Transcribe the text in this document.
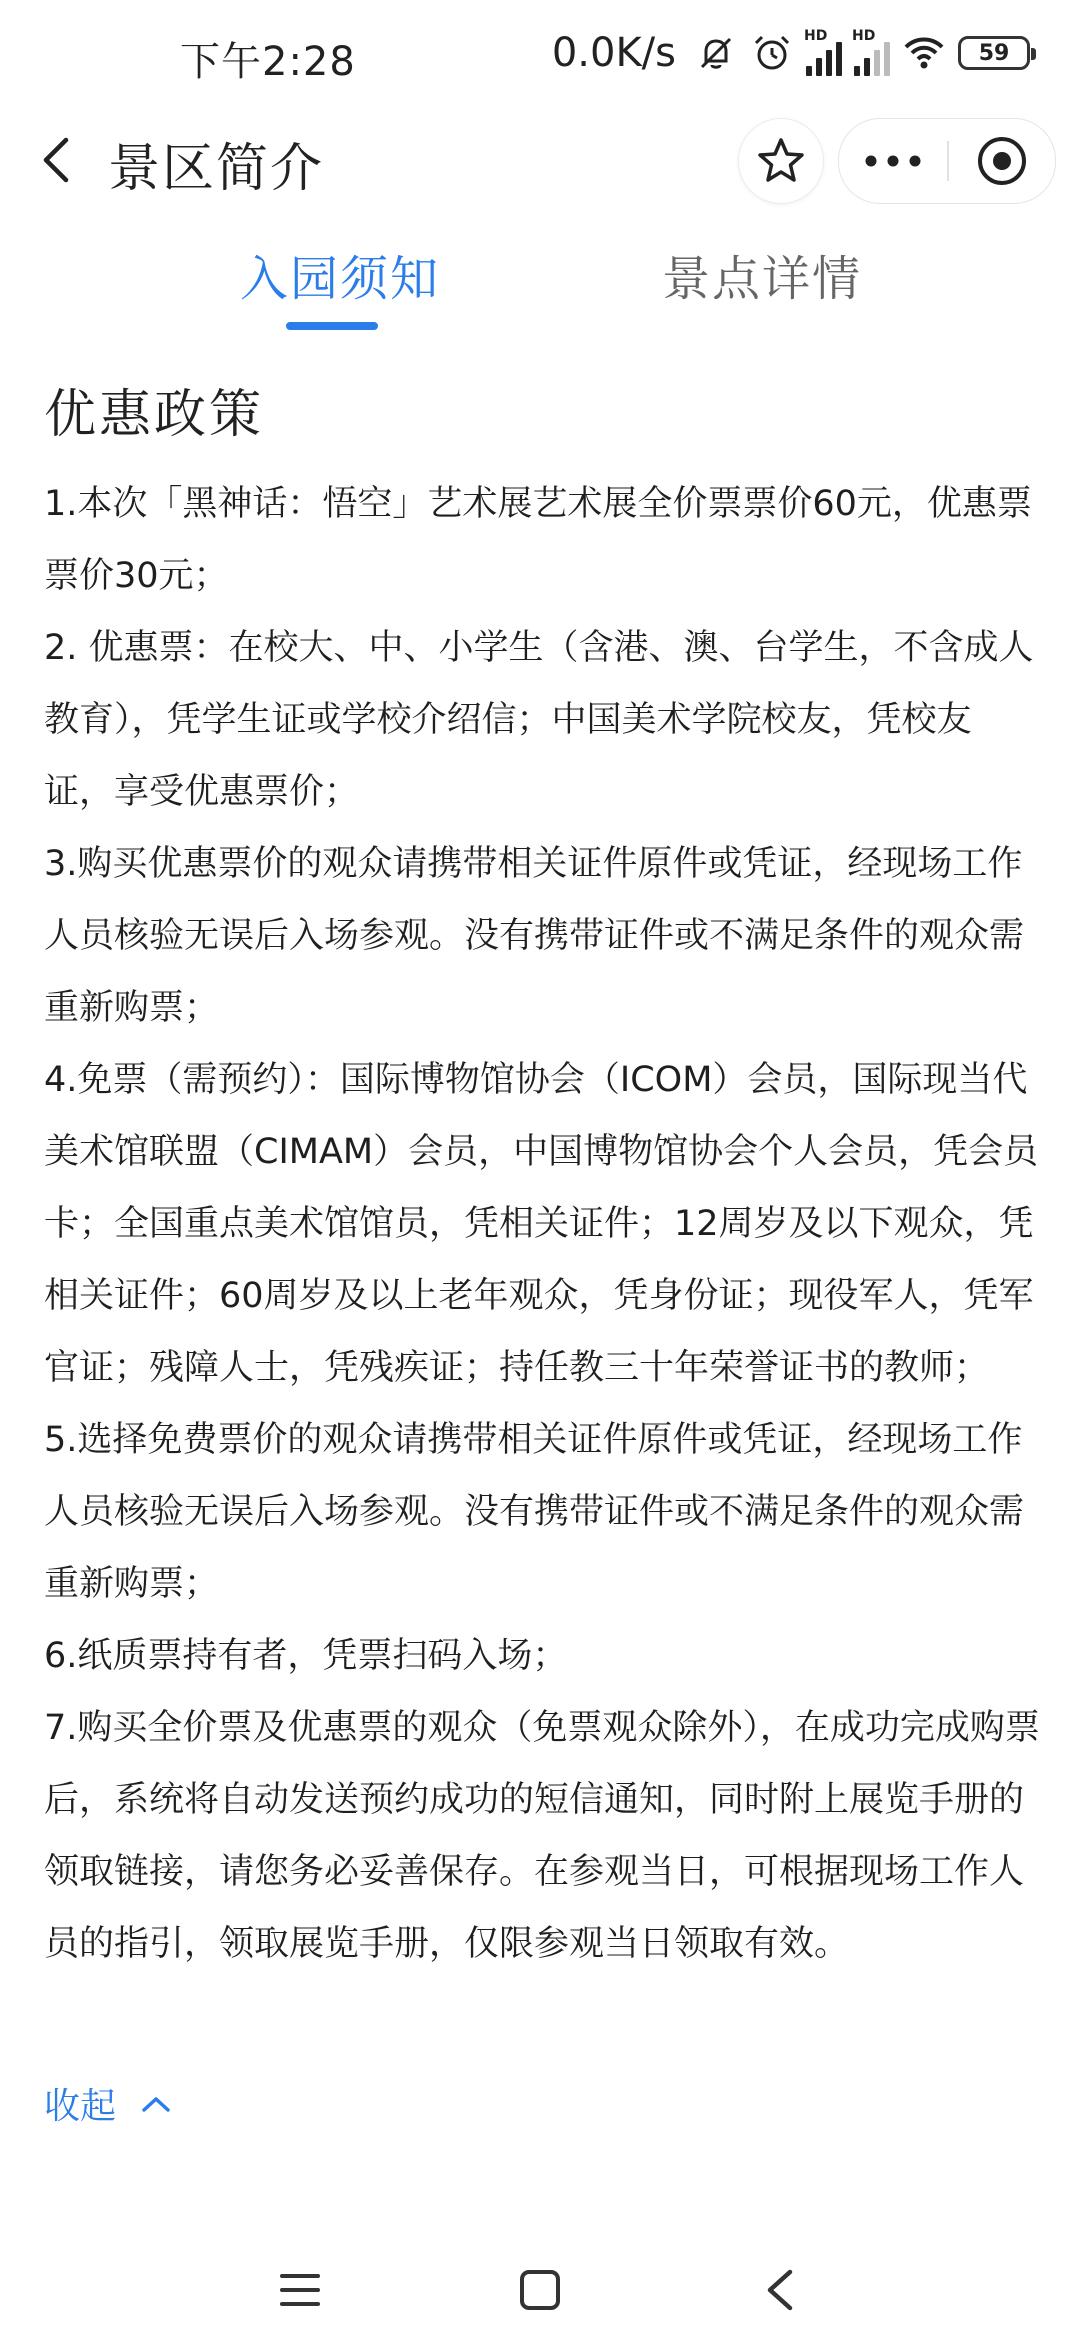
下午2:28	0.0K/s	HD HD
59
景区简介
入园须知	景点详情
优惠政策

1.本次「黑神话：悟空」艺术展艺术展全价票票价60元，优惠票票价30元；

2. 优惠票：在校大、中、小学生（含港、澳、台学生，不含成人教育），凭学生证或学校介绍信；中国美术学院校友，凭校友证，享受优惠票价；

3.购买优惠票价的观众请携带相关证件原件或凭证，经现场工作人员核验无误后入场参观。没有携带证件或不满足条件的观众需重新购票；

4.免票（需预约）：国际博物馆协会（ICOM）会员，国际现当代美术馆联盟（CIMAM）会员，中国博物馆协会个人会员，凭会员卡；全国重点美术馆馆员，凭相关证件；12周岁及以下观众，凭相关证件；60周岁及以上老年观众，凭身份证；现役军人，凭军官证；残障人士，凭残疾证；持任教三十年荣誉证书的教师；

5.选择免费票价的观众请携带相关证件原件或凭证，经现场工作人员核验无误后入场参观。没有携带证件或不满足条件的观众需重新购票；

6.纸质票持有者，凭票扫码入场；

7.购买全价票及优惠票的观众（免票观众除外），在成功完成购票后，系统将自动发送预约成功的短信通知，同时附上展览手册的领取链接，请您务必妥善保存。在参观当日，可根据现场工作人员的指引，领取展览手册，仅限参观当日领取有效。

收起
